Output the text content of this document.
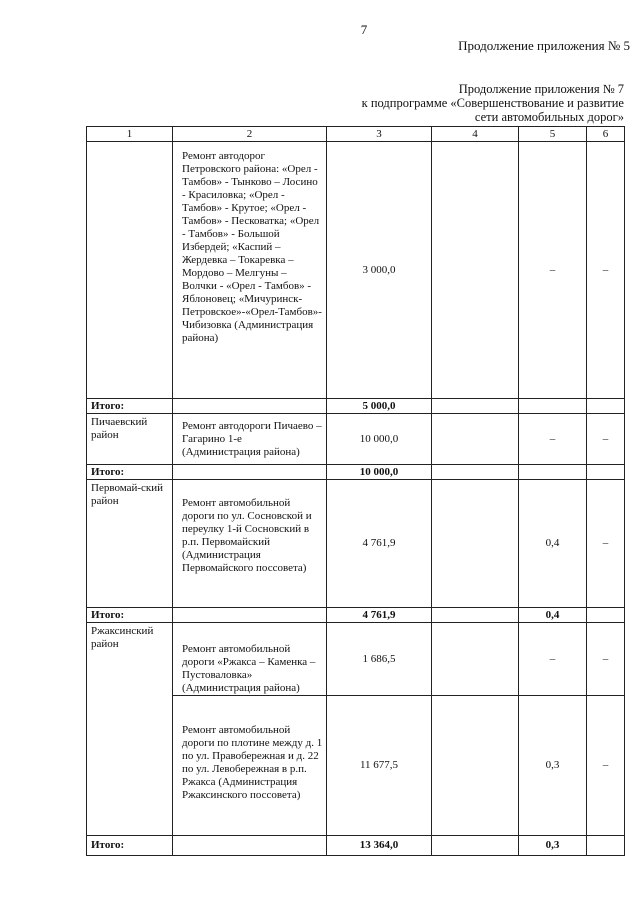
7
Продолжение приложения № 5
Продолжение приложения № 7
к подпрограмме «Совершенствование и развитие
сети автомобильных дорог»
1	2	3	4	5	6
	Ремонт автодорог Петровского района: «Орел - Тамбов» - Тынково – Лосино - Красиловка; «Орел - Тамбов» - Крутое; «Орел - Тамбов» - Песковатка; «Орел - Тамбов» - Большой Избердей; «Каспий – Жердевка – Токаревка – Мордово – Мелгуны – Волчки - «Орел - Тамбов» - Яблоновец; «Мичуринск-Петровское»-«Орел-Тамбов»-Чибизовка (Администрация района)	3 000,0		–	–
Итого:		5 000,0			
Пичаевский район	Ремонт автодороги Пичаево – Гагарино 1-е (Администрация района)	10 000,0		–	–
Итого:		10 000,0			
Первомай-ский район	Ремонт автомобильной дороги по ул. Сосновской и переулку 1-й Сосновский в р.п. Первомайский (Администрация Первомайского поссовета)	4 761,9		0,4	–
Итого:		4 761,9		0,4	
Ржаксинский район	Ремонт автомобильной дороги «Ржакса – Каменка – Пустоваловка» (Администрация района)	1 686,5		–	–
	Ремонт автомобильной дороги по плотине между д. 1 по ул. Правобережная и д. 22 по ул. Левобережная в р.п. Ржакса (Администрация Ржаксинского поссовета)	11 677,5		0,3	–
Итого:		13 364,0		0,3	
